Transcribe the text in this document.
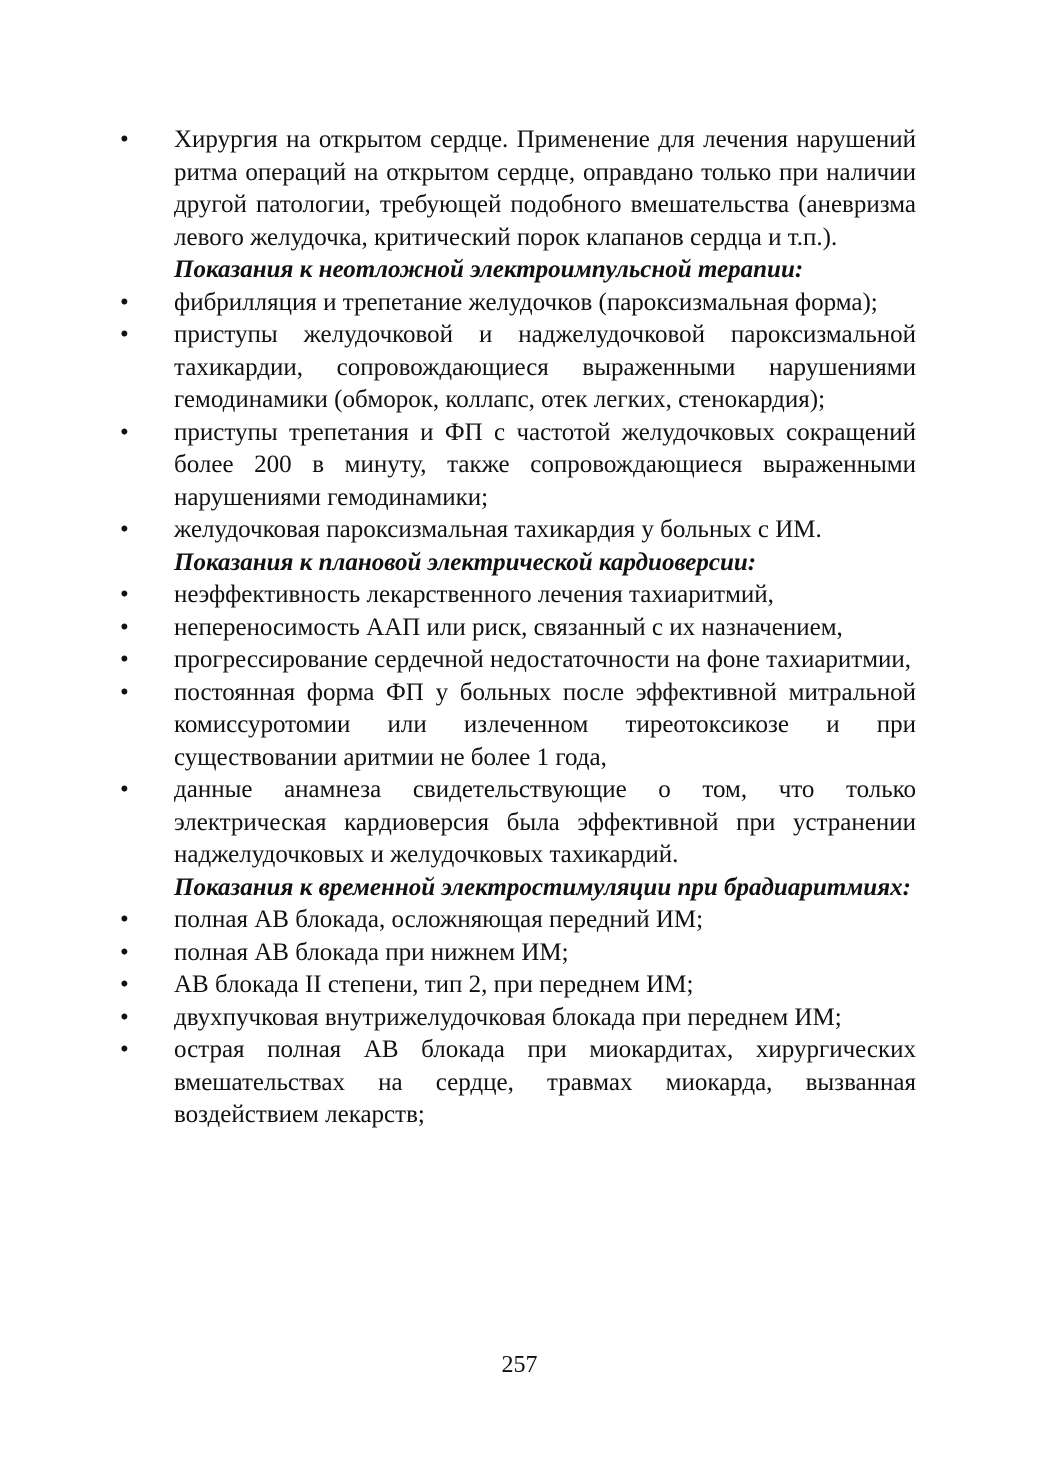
• Хирургия на открытом сердце. Применение для лечения нарушений ритма операций на открытом сердце, оправдано только при наличии другой патологии, требующей подобного вмешательства (аневризма левого желудочка, критический порок клапанов сердца и т.п.).
Показания к неотложной электроимпульсной терапии:
• фибрилляция и трепетание желудочков (пароксизмальная форма);
• приступы желудочковой и наджелудочковой пароксизмальной тахикардии, сопровождающиеся выраженными нарушениями гемодинамики (обморок, коллапс, отек легких, стенокардия);
• приступы трепетания и ФП с частотой желудочковых сокращений более 200 в минуту, также сопровождающиеся выраженными нарушениями гемодинамики;
• желудочковая пароксизмальная тахикардия у больных с ИМ.
Показания к плановой электрической кардиоверсии:
• неэффективность лекарственного лечения тахиаритмий,
• непереносимость ААП или риск, связанный с их назначением,
• прогрессирование сердечной недостаточности на фоне тахиаритмии,
• постоянная форма ФП у больных после эффективной митральной комиссуротомии или излеченном тиреотоксикозе и при существовании аритмии не более 1 года,
• данные анамнеза свидетельствующие о том, что только электрическая кардиоверсия была эффективной при устранении наджелудочковых и желудочковых тахикардий.
Показания к временной электростимуляции при брадиаритмиях:
• полная АВ блокада, осложняющая передний ИМ;
• полная АВ блокада при нижнем ИМ;
• АВ блокада II степени, тип 2, при переднем ИМ;
• двухпучковая внутрижелудочковая блокада при переднем ИМ;
• острая полная АВ блокада при миокардитах, хирургических вмешательствах на сердце, травмах миокарда, вызванная воздействием лекарств;
257
